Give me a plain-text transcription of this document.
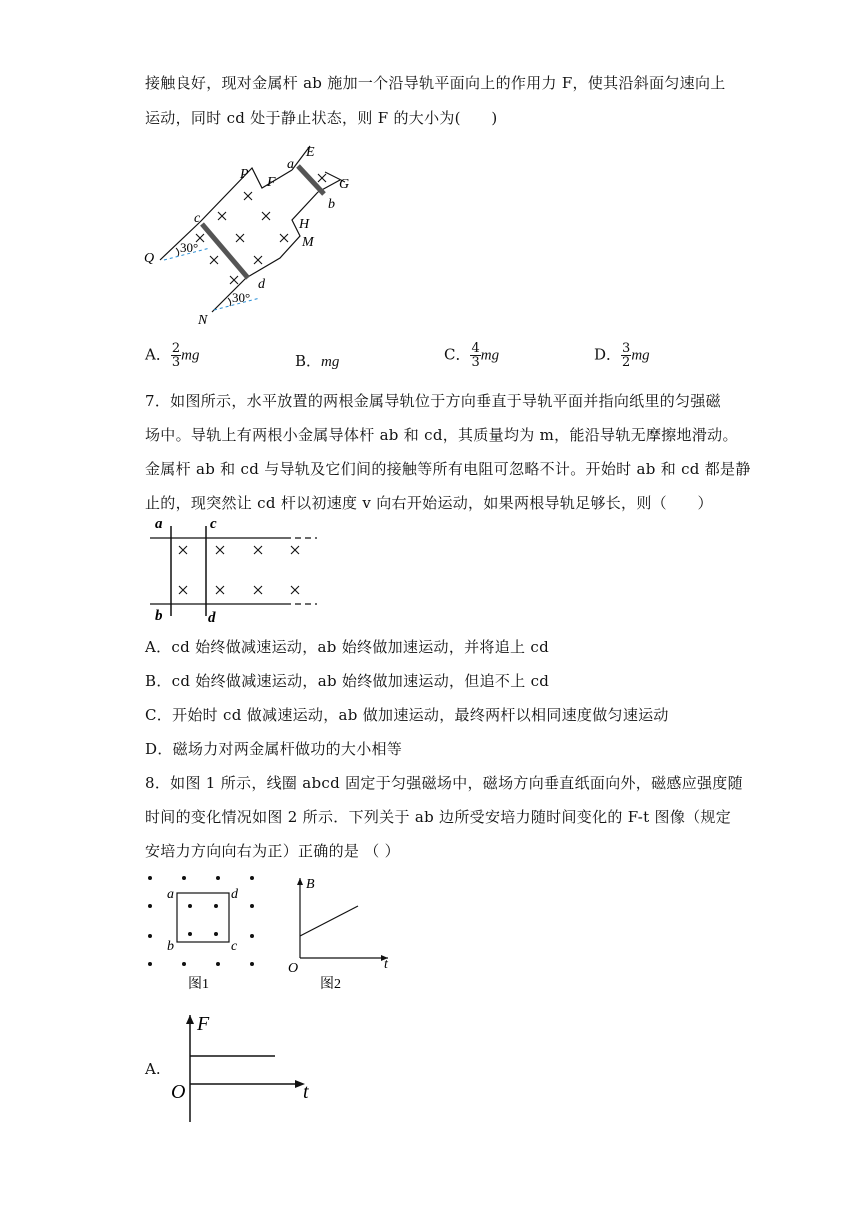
接触良好，现对金属杆 ab 施加一个沿导轨平面向上的作用力 F，使其沿斜面匀速向上
运动，同时 cd 处于静止状态，则 F 的大小为(　　)
E
a
G
b
P
F
c	H
M
Q
30°
d
30°
N
A． $\frac{2}{3}$ mg	B．mg	C． $\frac{4}{3}$ mg	D． $\frac{3}{2}$ mg
7．如图所示，水平放置的两根金属导轨位于方向垂直于导轨平面并指向纸里的匀强磁
场中。导轨上有两根小金属导体杆 ab 和 cd，其质量均为 m，能沿导轨无摩擦地滑动。
金属杆 ab 和 cd 与导轨及它们间的接触等所有电阻可忽略不计。开始时 ab 和 cd 都是静
止的，现突然让 cd 杆以初速度 v 向右开始运动，如果两根导轨足够长，则（　　）
a	c
b	d
A．cd 始终做减速运动，ab 始终做加速运动，并将追上 cd
B．cd 始终做减速运动，ab 始终做加速运动，但追不上 cd
C．开始时 cd 做减速运动，ab 做加速运动，最终两杆以相同速度做匀速运动
D．磁场力对两金属杆做功的大小相等
8．如图 1 所示，线圈 abcd 固定于匀强磁场中，磁场方向垂直纸面向外，磁感应强度随
时间的变化情况如图 2 所示．下列关于 ab 边所受安培力随时间变化的 F-t 图像（规定
安培力方向向右为正）正确的是 （ ）
a	d
b	c
图1
B
O	t
图2
A.
F
O	t
